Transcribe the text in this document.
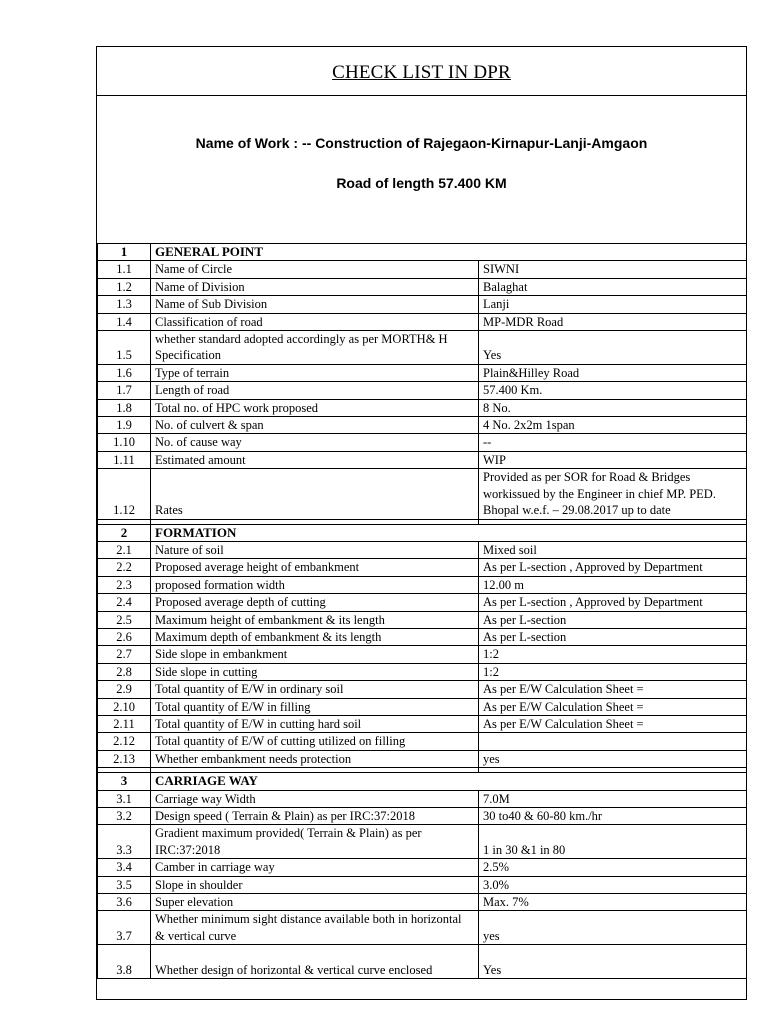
CHECK LIST IN DPR
Name of Work : -- Construction of Rajegaon-Kirnapur-Lanji-Amgaon
Road of length 57.400 KM
1	GENERAL POINT	
1.1	Name of Circle	SIWNI
1.2	Name of Division	Balaghat
1.3	Name of Sub Division	Lanji
1.4	Classification of road	MP-MDR Road
1.5	whether standard adopted accordingly as per MORTH& H Specification	Yes
1.6	Type of terrain	Plain&Hilley Road
1.7	Length of road	57.400 Km.
1.8	Total no. of HPC work proposed	8 No.
1.9	No. of culvert & span	4 No. 2x2m 1span
1.10	No. of cause way	--
1.11	Estimated amount	WIP
1.12	Rates	Provided as per SOR for Road & Bridges workissued by the Engineer in chief MP. PED. Bhopal w.e.f. – 29.08.2017 up to date

2	FORMATION	
2.1	Nature of soil	Mixed soil
2.2	Proposed average height of embankment	As per L-section , Approved by Department
2.3	proposed formation width	12.00 m
2.4	Proposed average depth of cutting	As per L-section , Approved by Department
2.5	Maximum height of embankment & its length	As per L-section
2.6	Maximum depth of embankment & its length	As per L-section
2.7	Side slope in embankment	1:2
2.8	Side slope in cutting	1:2
2.9	Total quantity of E/W in ordinary soil	As per E/W Calculation Sheet =
2.10	Total quantity of E/W in filling	As per E/W Calculation Sheet =
2.11	Total quantity of E/W in cutting hard soil	As per E/W Calculation Sheet =
2.12	Total quantity of E/W of cutting utilized on filling	
2.13	Whether embankment needs protection	yes

3	CARRIAGE WAY	
3.1	Carriage way Width	7.0M
3.2	Design speed ( Terrain & Plain) as per IRC:37:2018	30 to40 & 60-80 km./hr
3.3	Gradient maximum provided( Terrain & Plain) as per IRC:37:2018	1 in 30 &1 in 80
3.4	Camber in carriage way	2.5%
3.5	Slope in shoulder	3.0%
3.6	Super elevation	Max. 7%
3.7	Whether minimum sight distance available both in horizontal & vertical curve	yes
3.8	Whether design of horizontal & vertical curve enclosed	Yes
